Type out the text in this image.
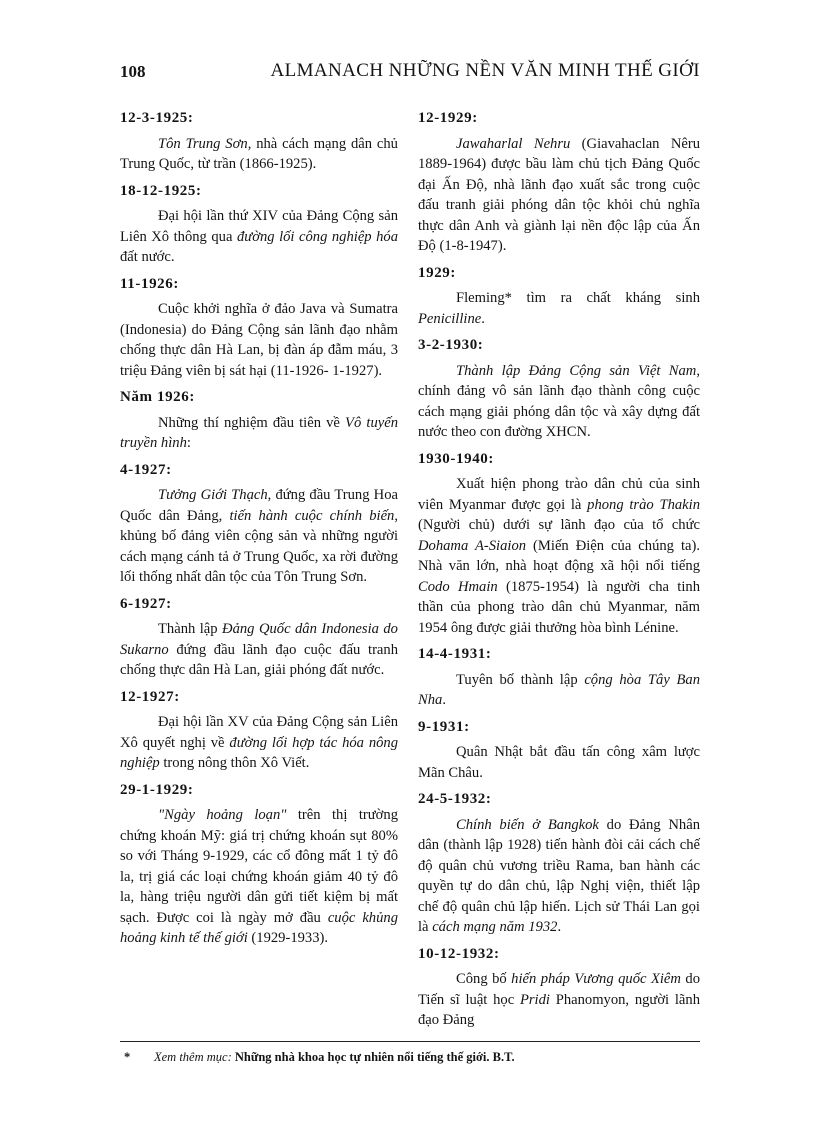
108	ALMANACH NHỮNG NỀN VĂN MINH THẾ GIỚI
12-3-1925:

Tôn Trung Sơn, nhà cách mạng dân chủ Trung Quốc, từ trần (1866-1925).

18-12-1925:

Đại hội lần thứ XIV của Đảng Cộng sản Liên Xô thông qua đường lối công nghiệp hóa đất nước.

11-1926:

Cuộc khởi nghĩa ở đảo Java và Sumatra (Indonesia) do Đảng Cộng sản lãnh đạo nhằm chống thực dân Hà Lan, bị đàn áp đẫm máu, 3 triệu Đảng viên bị sát hại (11-1926- 1-1927).

Năm 1926:

Những thí nghiệm đầu tiên về Vô tuyến truyền hình:

4-1927:

Tưởng Giới Thạch, đứng đầu Trung Hoa Quốc dân Đảng, tiến hành cuộc chính biến, khủng bố đảng viên cộng sản và những người cách mạng cánh tả ở Trung Quốc, xa rời đường lối thống nhất dân tộc của Tôn Trung Sơn.

6-1927:

Thành lập Đảng Quốc dân Indonesia do Sukarno đứng đầu lãnh đạo cuộc đấu tranh chống thực dân Hà Lan, giải phóng đất nước.

12-1927:

Đại hội lần XV của Đảng Cộng sản Liên Xô quyết nghị về đường lối hợp tác hóa nông nghiệp trong nông thôn Xô Viết.

29-1-1929:

"Ngày hoảng loạn" trên thị trường chứng khoán Mỹ: giá trị chứng khoán sụt 80% so với Tháng 9-1929, các cổ đông mất 1 tỷ đô la, trị giá các loại chứng khoán giảm 40 tỷ đô la, hàng triệu người dân gửi tiết kiệm bị mất sạch. Được coi là ngày mở đầu cuộc khủng hoảng kinh tế thế giới (1929-1933).

12-1929:

Jawaharlal Nehru (Giavahaclan Nêru 1889-1964) được bầu làm chủ tịch Đảng Quốc đại Ấn Độ, nhà lãnh đạo xuất sắc trong cuộc đấu tranh giải phóng dân tộc khỏi chủ nghĩa thực dân Anh và giành lại nền độc lập của Ấn Độ (1-8-1947).

1929:

Fleming* tìm ra chất kháng sinh Penicilline.

3-2-1930:

Thành lập Đảng Cộng sản Việt Nam, chính đảng vô sản lãnh đạo thành công cuộc cách mạng giải phóng dân tộc và xây dựng đất nước theo con đường XHCN.

1930-1940:

Xuất hiện phong trào dân chủ của sinh viên Myanmar được gọi là phong trào Thakin (Người chủ) dưới sự lãnh đạo của tổ chức Dohama A-Siaion (Miến Điện của chúng ta). Nhà văn lớn, nhà hoạt động xã hội nổi tiếng Codo Hmain (1875-1954) là người cha tinh thần của phong trào dân chủ Myanmar, năm 1954 ông được giải thưởng hòa bình Lénine.

14-4-1931:

Tuyên bố thành lập cộng hòa Tây Ban Nha.

9-1931:

Quân Nhật bắt đầu tấn công xâm lược Mãn Châu.

24-5-1932:

Chính biến ở Bangkok do Đảng Nhân dân (thành lập 1928) tiến hành đòi cải cách chế độ quân chủ vương triều Rama, ban hành các quyền tự do dân chủ, lập Nghị viện, thiết lập chế độ quân chủ lập hiến. Lịch sử Thái Lan gọi là cách mạng năm 1932.

10-12-1932:

Công bố hiến pháp Vương quốc Xiêm do Tiến sĩ luật học Pridi Phanomyon, người lãnh đạo Đảng

* Xem thêm mục: Những nhà khoa học tự nhiên nổi tiếng thế giới. B.T.
